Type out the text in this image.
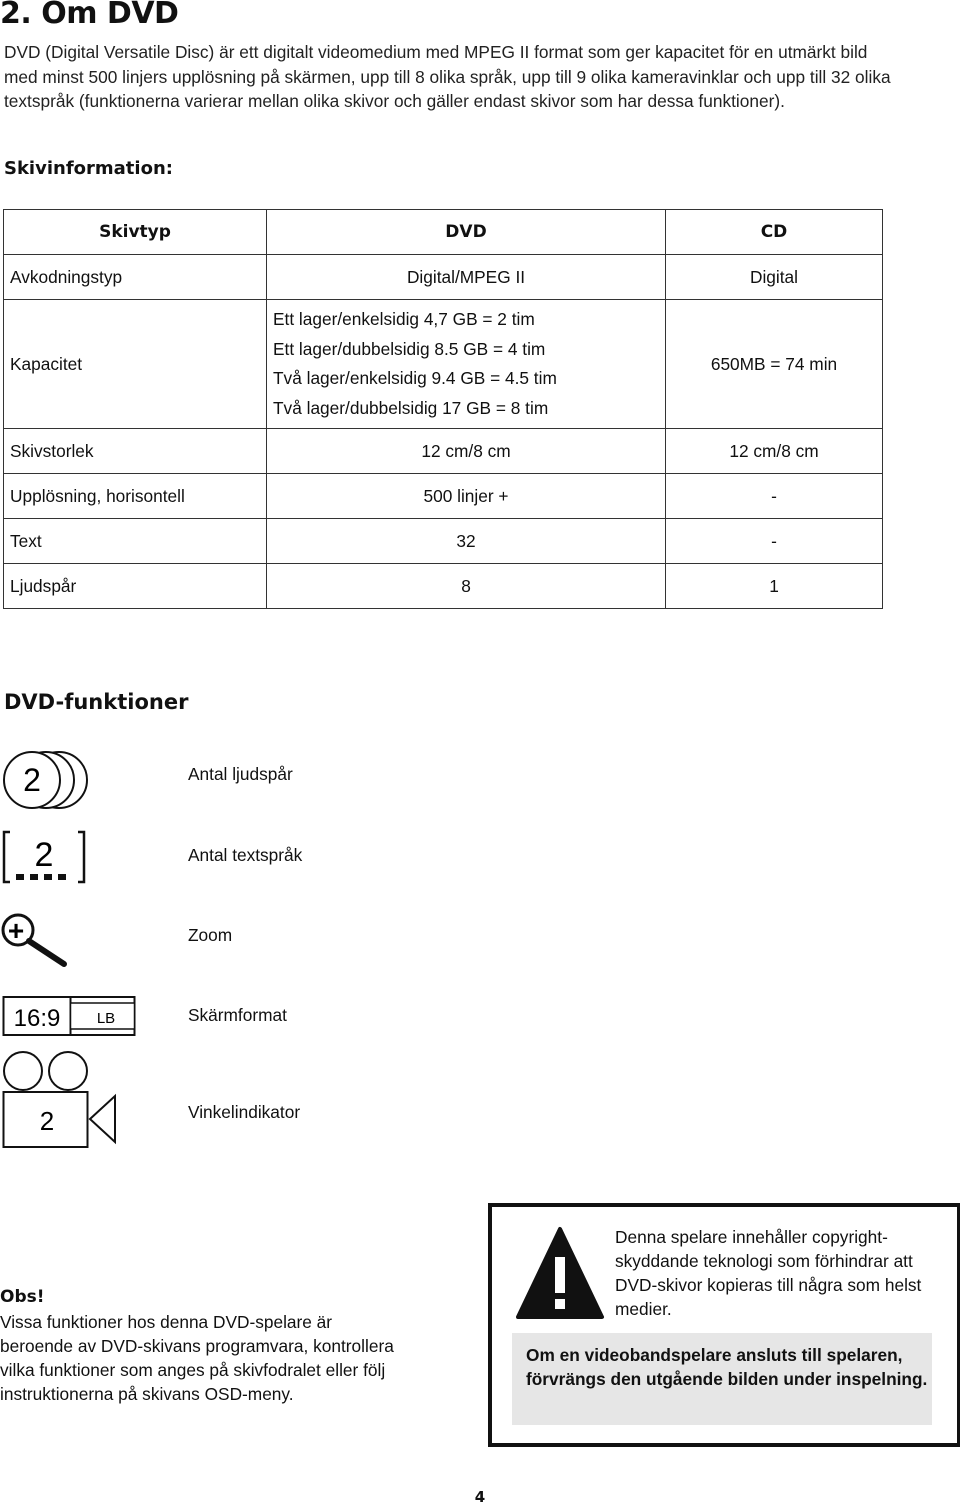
2. Om DVD
DVD (Digital Versatile Disc) är ett digitalt videomedium med MPEG II format som ger kapacitet för en utmärkt bild med minst 500 linjers upplösning på skärmen, upp till 8 olika språk, upp till 9 olika kameravinklar och upp till 32 olika textspråk (funktionerna varierar mellan olika skivor och gäller endast skivor som har dessa funktioner).
Skivinformation:
Skivtyp	DVD	CD
Avkodningstyp	Digital/MPEG II	Digital
Kapacitet	Ett lager/enkelsidig 4,7 GB = 2 tim
Ett lager/dubbelsidig 8.5 GB = 4 tim
Två lager/enkelsidig 9.4 GB = 4.5 tim
Två lager/dubbelsidig 17 GB = 8 tim	650MB = 74 min
Skivstorlek	12 cm/8 cm	12 cm/8 cm
Upplösning, horisontell	500 linjer +	-
Text	32	-
Ljudspår	8	1
DVD-funktioner
2	Antal ljudspår
2	Antal textspråk
+	Zoom
16:9 LB	Skärmformat
2	Vinkelindikator
Obs!
Vissa funktioner hos denna DVD-spelare är beroende av DVD-skivans programvara, kontrollera vilka funktioner som anges på skivfodralet eller följ instruktionerna på skivans OSD-meny.
Denna spelare innehåller copyright-skyddande teknologi som förhindrar att DVD-skivor kopieras till några som helst medier.
Om en videobandspelare ansluts till spelaren, förvrängs den utgående bilden under inspelning.
4
